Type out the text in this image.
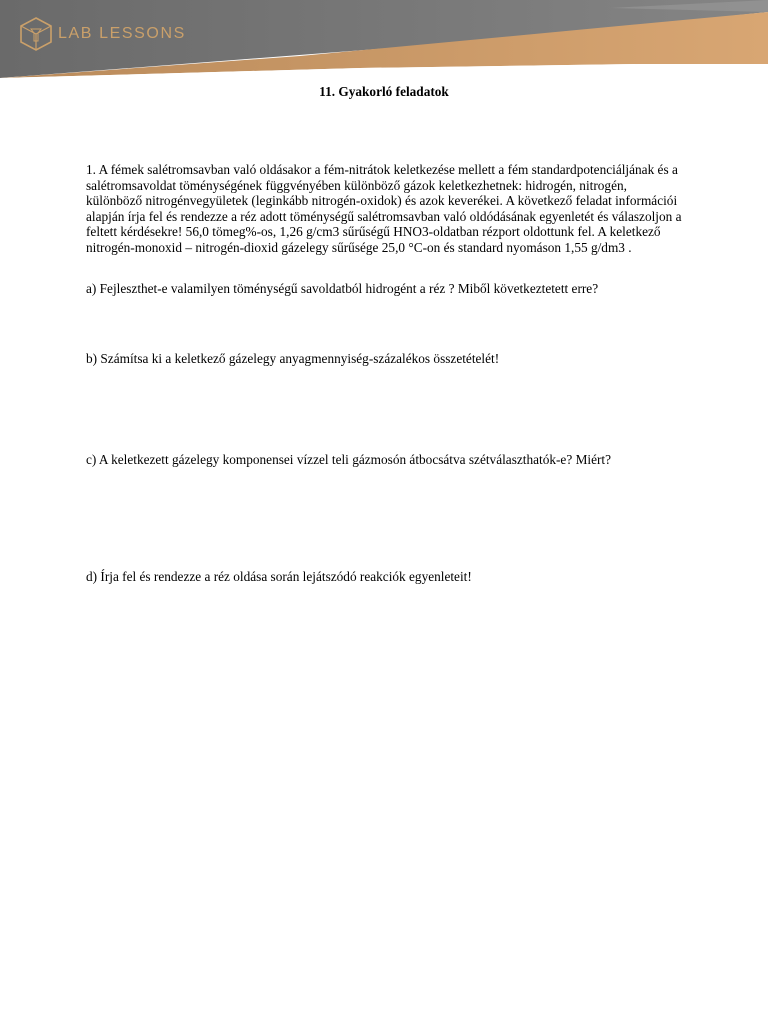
LAB LESSONS
11. Gyakorló feladatok

1. A fémek salétromsavban való oldásakor a fém-nitrátok keletkezése mellett a fém standardpotenciáljának és a salétromsavoldat töménységének függvényében különböző gázok keletkezhetnek: hidrogén, nitrogén, különböző nitrogénvegyületek (leginkább nitrogén-oxidok) és azok keverékei. A következő feladat információi alapján írja fel és rendezze a réz adott töménységű salétromsavban való oldódásának egyenletét és válaszoljon a feltett kérdésekre! 56,0 tömeg%-os, 1,26 g/cm3 sűrűségű HNO3-oldatban rézport oldottunk fel. A keletkező nitrogén-monoxid – nitrogén-dioxid gázelegy sűrűsége 25,0 °C-on és standard nyomáson 1,55 g/dm3 .

a) Fejleszthet-e valamilyen töménységű savoldatból hidrogént a réz ? Miből következtetett erre?

b) Számítsa ki a keletkező gázelegy anyagmennyiség-százalékos összetételét!

c) A keletkezett gázelegy komponensei vízzel teli gázmosón átbocsátva szétválaszthatók-e? Miért?

d) Írja fel és rendezze a réz oldása során lejátszódó reakciók egyenleteit!
